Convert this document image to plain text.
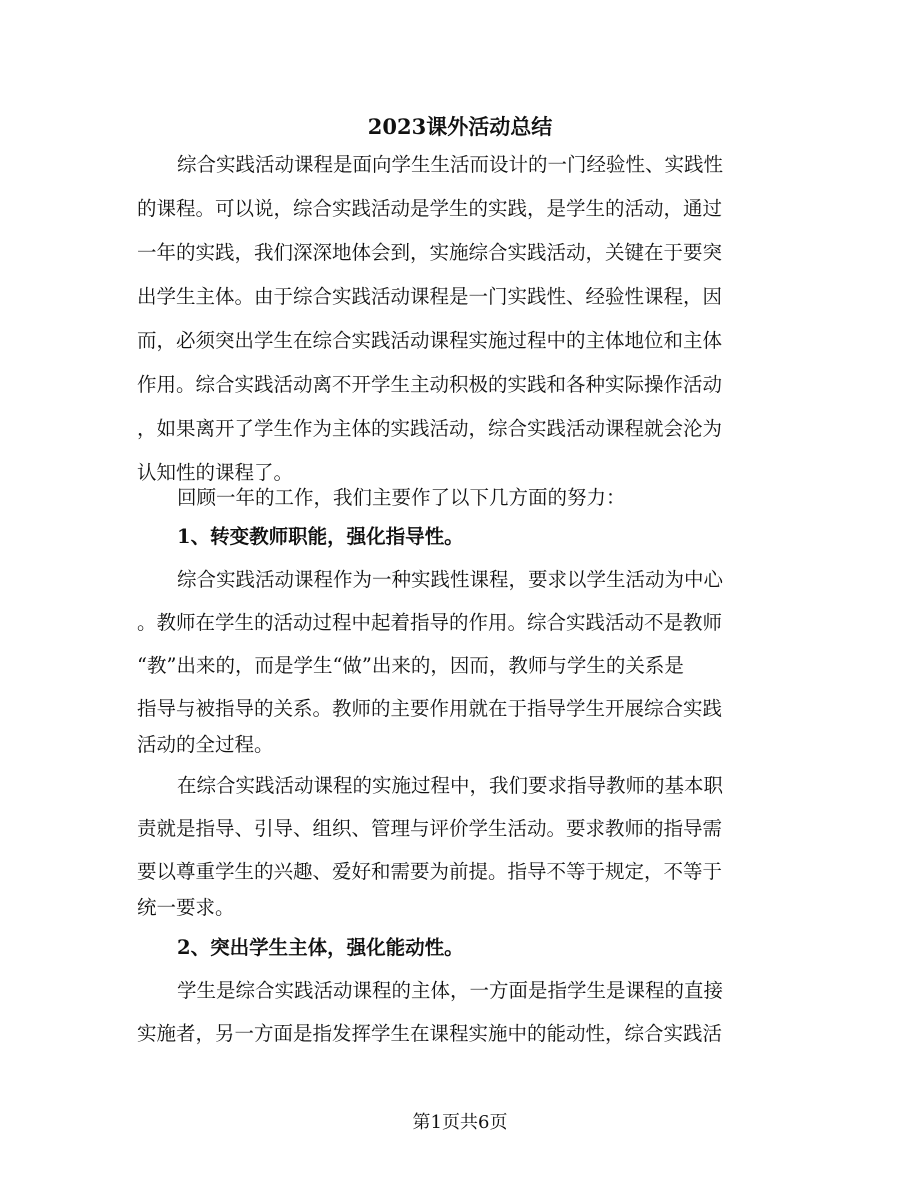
2023课外活动总结
综合实践活动课程是面向学生生活而设计的一门经验性、实践性
的课程。可以说，综合实践活动是学生的实践，是学生的活动，通过
一年的实践，我们深深地体会到，实施综合实践活动，关键在于要突
出学生主体。由于综合实践活动课程是一门实践性、经验性课程，因
而，必须突出学生在综合实践活动课程实施过程中的主体地位和主体
作用。综合实践活动离不开学生主动积极的实践和各种实际操作活动
，如果离开了学生作为主体的实践活动，综合实践活动课程就会沦为
认知性的课程了。
回顾一年的工作，我们主要作了以下几方面的努力：
1、转变教师职能，强化指导性。
综合实践活动课程作为一种实践性课程，要求以学生活动为中心
。教师在学生的活动过程中起着指导的作用。综合实践活动不是教师
“教”出来的，而是学生“做”出来的，因而，教师与学生的关系是
指导与被指导的关系。教师的主要作用就在于指导学生开展综合实践
活动的全过程。
在综合实践活动课程的实施过程中，我们要求指导教师的基本职
责就是指导、引导、组织、管理与评价学生活动。要求教师的指导需
要以尊重学生的兴趣、爱好和需要为前提。指导不等于规定，不等于
统一要求。
2、突出学生主体，强化能动性。
学生是综合实践活动课程的主体，一方面是指学生是课程的直接
实施者，另一方面是指发挥学生在课程实施中的能动性，综合实践活
第1页共6页
